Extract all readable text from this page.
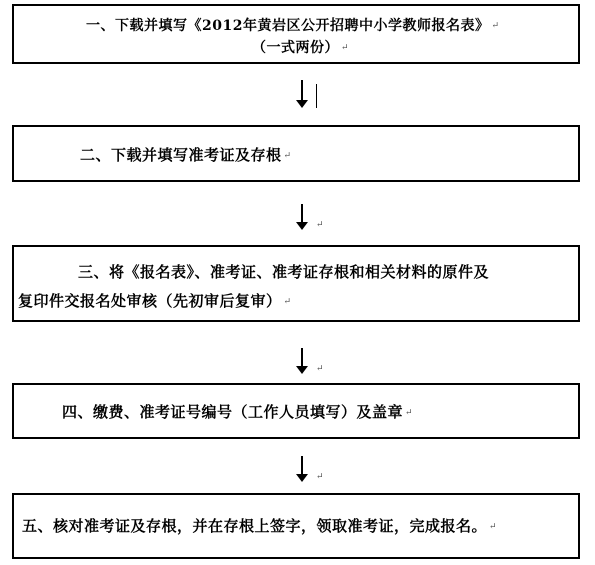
一、下载并填写《2012年黄岩区公开招聘中小学教师报名表》 ↵
（一式两份） ↵
二、下载并填写准考证及存根 ↵
↵
三、将《报名表》、准考证、准考证存根和相关材料的原件及
复印件交报名处审核（先初审后复审） ↵
↵
四、缴费、准考证号编号（工作人员填写）及盖章 ↵
↵
五、核对准考证及存根，并在存根上签字，领取准考证，完成报名。 ↵
